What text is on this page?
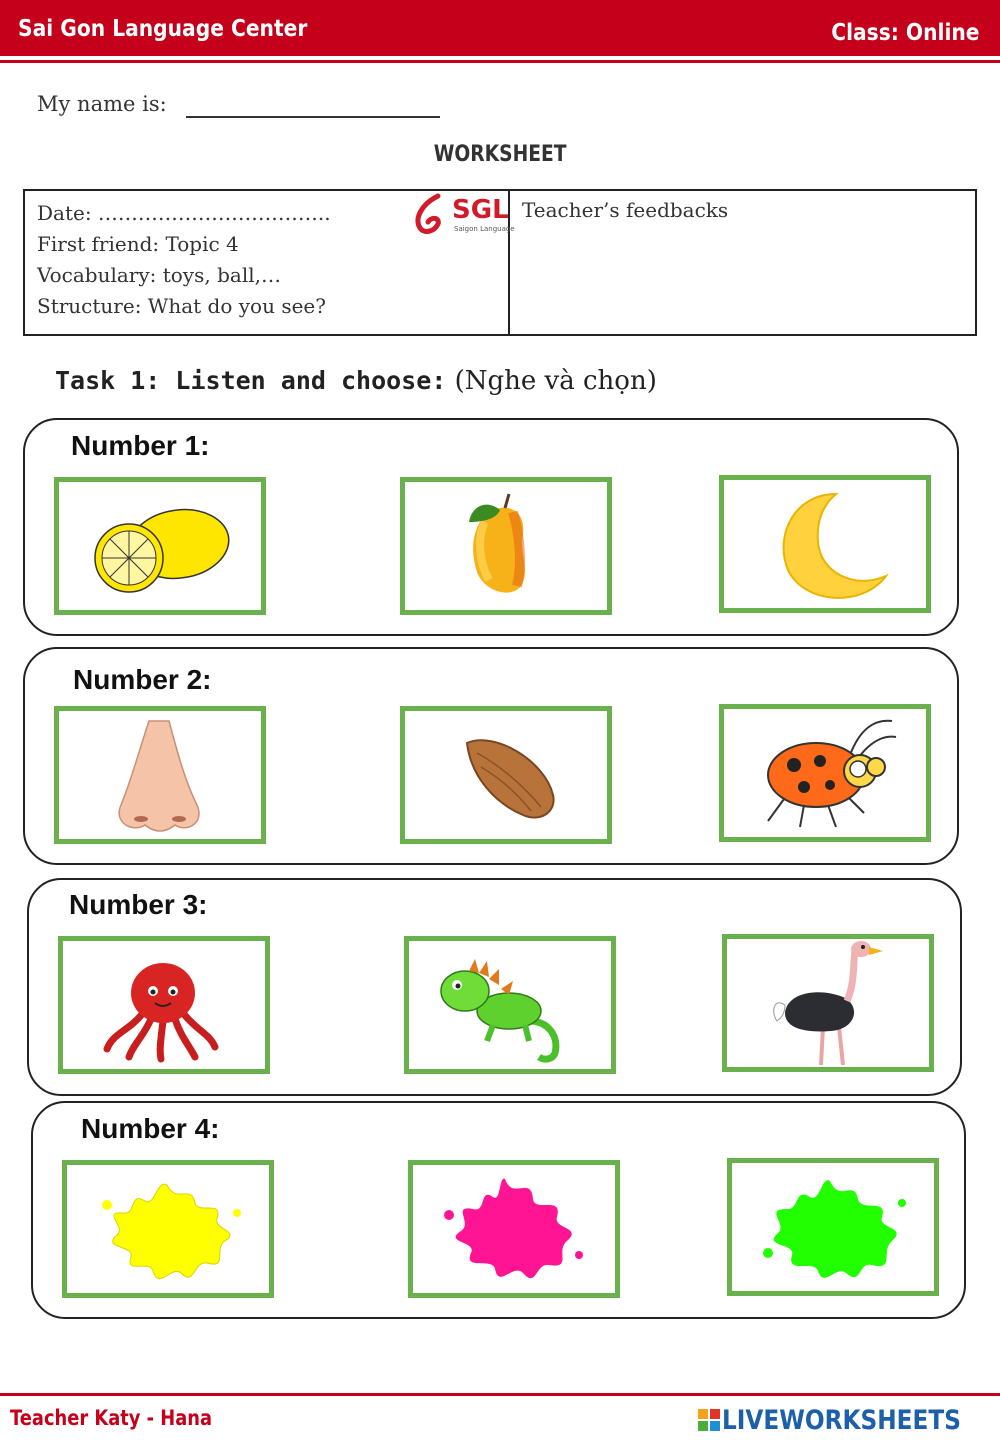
Sai Gon Language Center	Class: Online
My name is:
WORKSHEET
Date: ……………………………..
First friend: Topic 4
Vocabulary: toys, ball,…
Structure: What do you see?
Teacher’s feedbacks
SGL
Saigon Language
Task 1: Listen and choose: (Nghe và chọn)
Number 1:
Number 2:
Number 3:
Number 4:
Teacher Katy - Hana	LIVEWORKSHEETS
